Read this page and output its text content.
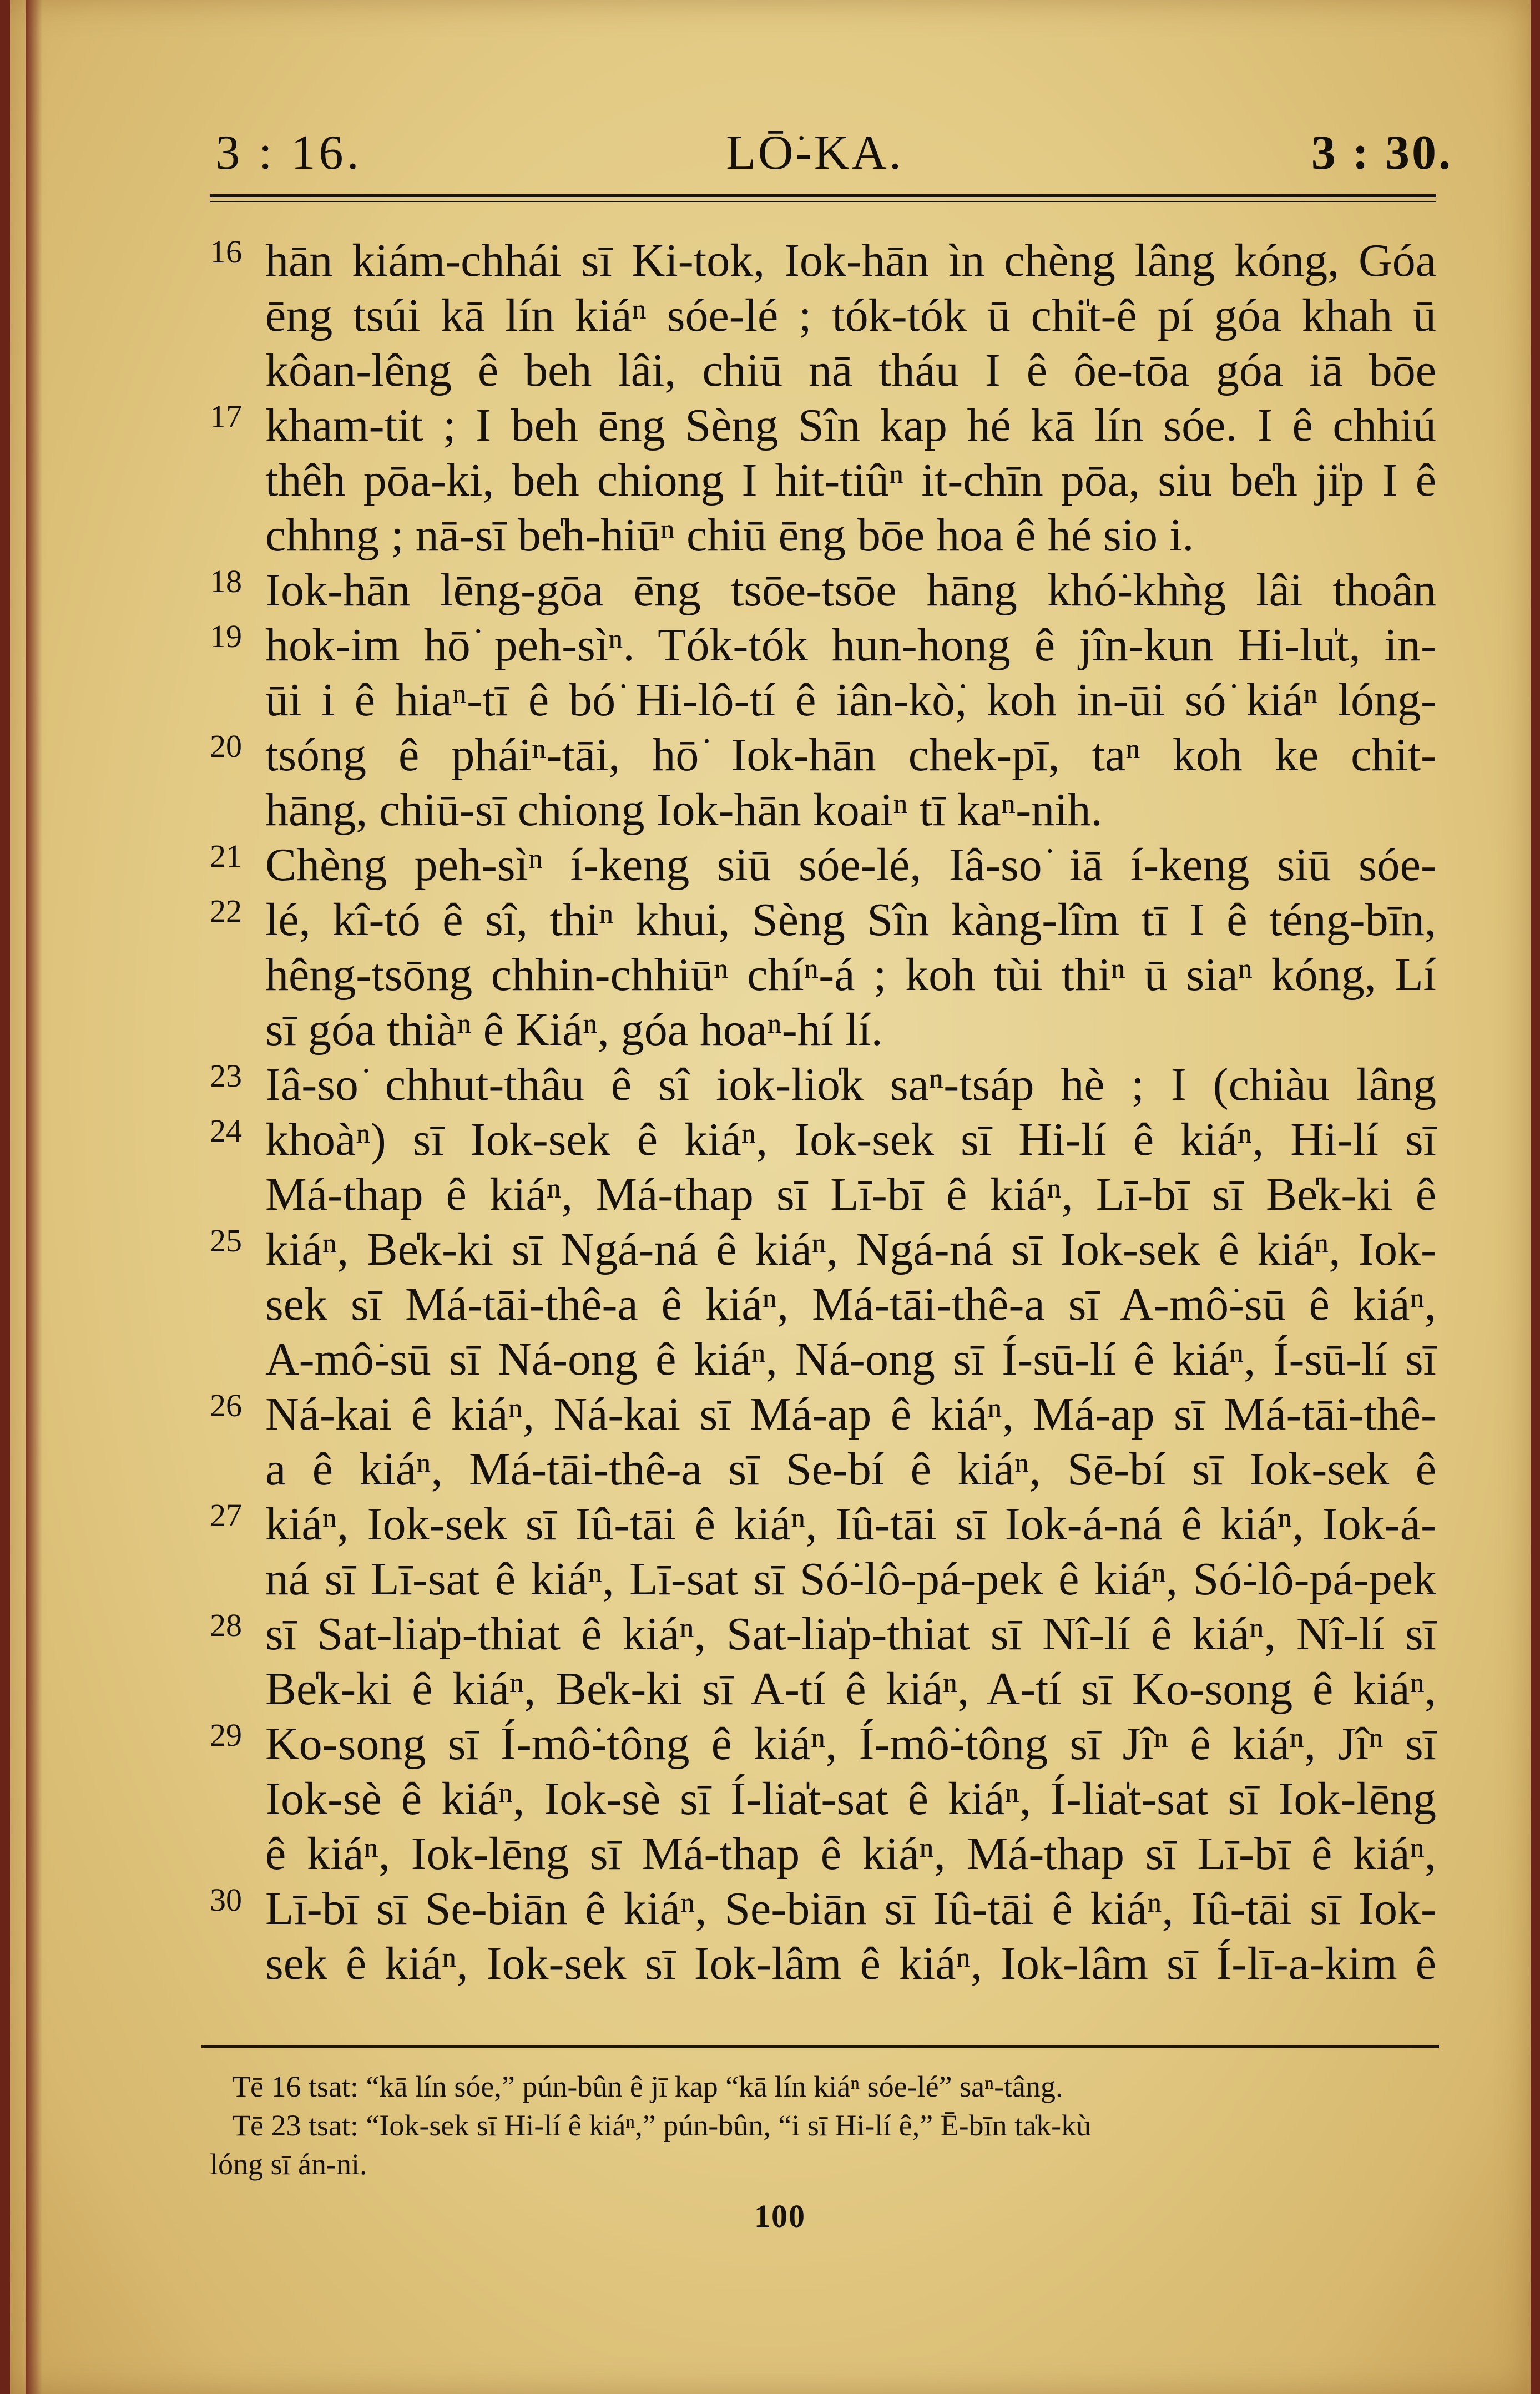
3 : 16.	LŌ͘-KA.	3 : 30.
16 hān kiám-chhái sī Ki-tok, Iok-hān ìn chèng lâng kóng, Góa
ēng tsúi kā lín kiáⁿ sóe-lé ; tók-tók ū chi̍t-ê pí góa khah ū
kôan-lêng ê beh lâi, chiū nā tháu I ê ôe-tōa góa iā bōe
17 kham-tit ; I beh ēng Sèng Sîn kap hé kā lín sóe. I ê chhiú
thêh pōa-ki, beh chiong I hit-tiûⁿ it-chīn pōa, siu be̍h ji̍p I ê
chhng ; nā-sī be̍h-hiūⁿ chiū ēng bōe hoa ê hé sio i.
18 Iok-hān lēng-gōa ēng tsōe-tsōe hāng khó͘-khǹg lâi thoân
19 hok-im hō͘ peh-sìⁿ. Tók-tók hun-hong ê jîn-kun Hi-lu̍t, in-
ūi i ê hiaⁿ-tī ê bó͘ Hi-lô-tí ê iân-kò͘, koh in-ūi só͘ kiáⁿ lóng-
20 tsóng ê pháiⁿ-tāi, hō͘ Iok-hān chek-pī, taⁿ koh ke chit-
hāng, chiū-sī chiong Iok-hān koaiⁿ tī kaⁿ-nih.
21 Chèng peh-sìⁿ í-keng siū sóe-lé, Iâ-so͘ iā í-keng siū sóe-
22 lé, kî-tó ê sî, thiⁿ khui, Sèng Sîn kàng-lîm tī I ê téng-bīn,
hêng-tsōng chhin-chhiūⁿ chíⁿ-á ; koh tùi thiⁿ ū siaⁿ kóng, Lí
sī góa thiàⁿ ê Kiáⁿ, góa hoaⁿ-hí lí.
23 Iâ-so͘ chhut-thâu ê sî iok-lio̍k saⁿ-tsáp hè ; I (chiàu lâng
24 khoàⁿ) sī Iok-sek ê kiáⁿ, Iok-sek sī Hi-lí ê kiáⁿ, Hi-lí sī
Má-thap ê kiáⁿ, Má-thap sī Lī-bī ê kiáⁿ, Lī-bī sī Be̍k-ki ê
25 kiáⁿ, Be̍k-ki sī Ngá-ná ê kiáⁿ, Ngá-ná sī Iok-sek ê kiáⁿ, Iok-
sek sī Má-tāi-thê-a ê kiáⁿ, Má-tāi-thê-a sī A-mô͘-sū ê kiáⁿ,
A-mô͘-sū sī Ná-ong ê kiáⁿ, Ná-ong sī Í-sū-lí ê kiáⁿ, Í-sū-lí sī
26 Ná-kai ê kiáⁿ, Ná-kai sī Má-ap ê kiáⁿ, Má-ap sī Má-tāi-thê-
a ê kiáⁿ, Má-tāi-thê-a sī Se-bí ê kiáⁿ, Sē-bí sī Iok-sek ê
27 kiáⁿ, Iok-sek sī Iû-tāi ê kiáⁿ, Iû-tāi sī Iok-á-ná ê kiáⁿ, Iok-á-
ná sī Lī-sat ê kiáⁿ, Lī-sat sī Só͘-lô-pá-pek ê kiáⁿ, Só͘-lô-pá-pek
28 sī Sat-lia̍p-thiat ê kiáⁿ, Sat-lia̍p-thiat sī Nî-lí ê kiáⁿ, Nî-lí sī
Be̍k-ki ê kiáⁿ, Be̍k-ki sī A-tí ê kiáⁿ, A-tí sī Ko-song ê kiáⁿ,
29 Ko-song sī Í-mô͘-tông ê kiáⁿ, Í-mô͘-tông sī Jîⁿ ê kiáⁿ, Jîⁿ sī
Iok-sè ê kiáⁿ, Iok-sè sī Í-lia̍t-sat ê kiáⁿ, Í-lia̍t-sat sī Iok-lēng
ê kiáⁿ, Iok-lēng sī Má-thap ê kiáⁿ, Má-thap sī Lī-bī ê kiáⁿ,
30 Lī-bī sī Se-biān ê kiáⁿ, Se-biān sī Iû-tāi ê kiáⁿ, Iû-tāi sī Iok-
sek ê kiáⁿ, Iok-sek sī Iok-lâm ê kiáⁿ, Iok-lâm sī Í-lī-a-kim ê
Tē 16 tsat: “kā lín sóe,” pún-bûn ê jī kap “kā lín kiáⁿ sóe-lé” saⁿ-tâng.
Tē 23 tsat: “Iok-sek sī Hi-lí ê kiáⁿ,” pún-bûn, “i sī Hi-lí ê,” Ē-bīn ta̍k-kù
lóng sī án-ni.
100
